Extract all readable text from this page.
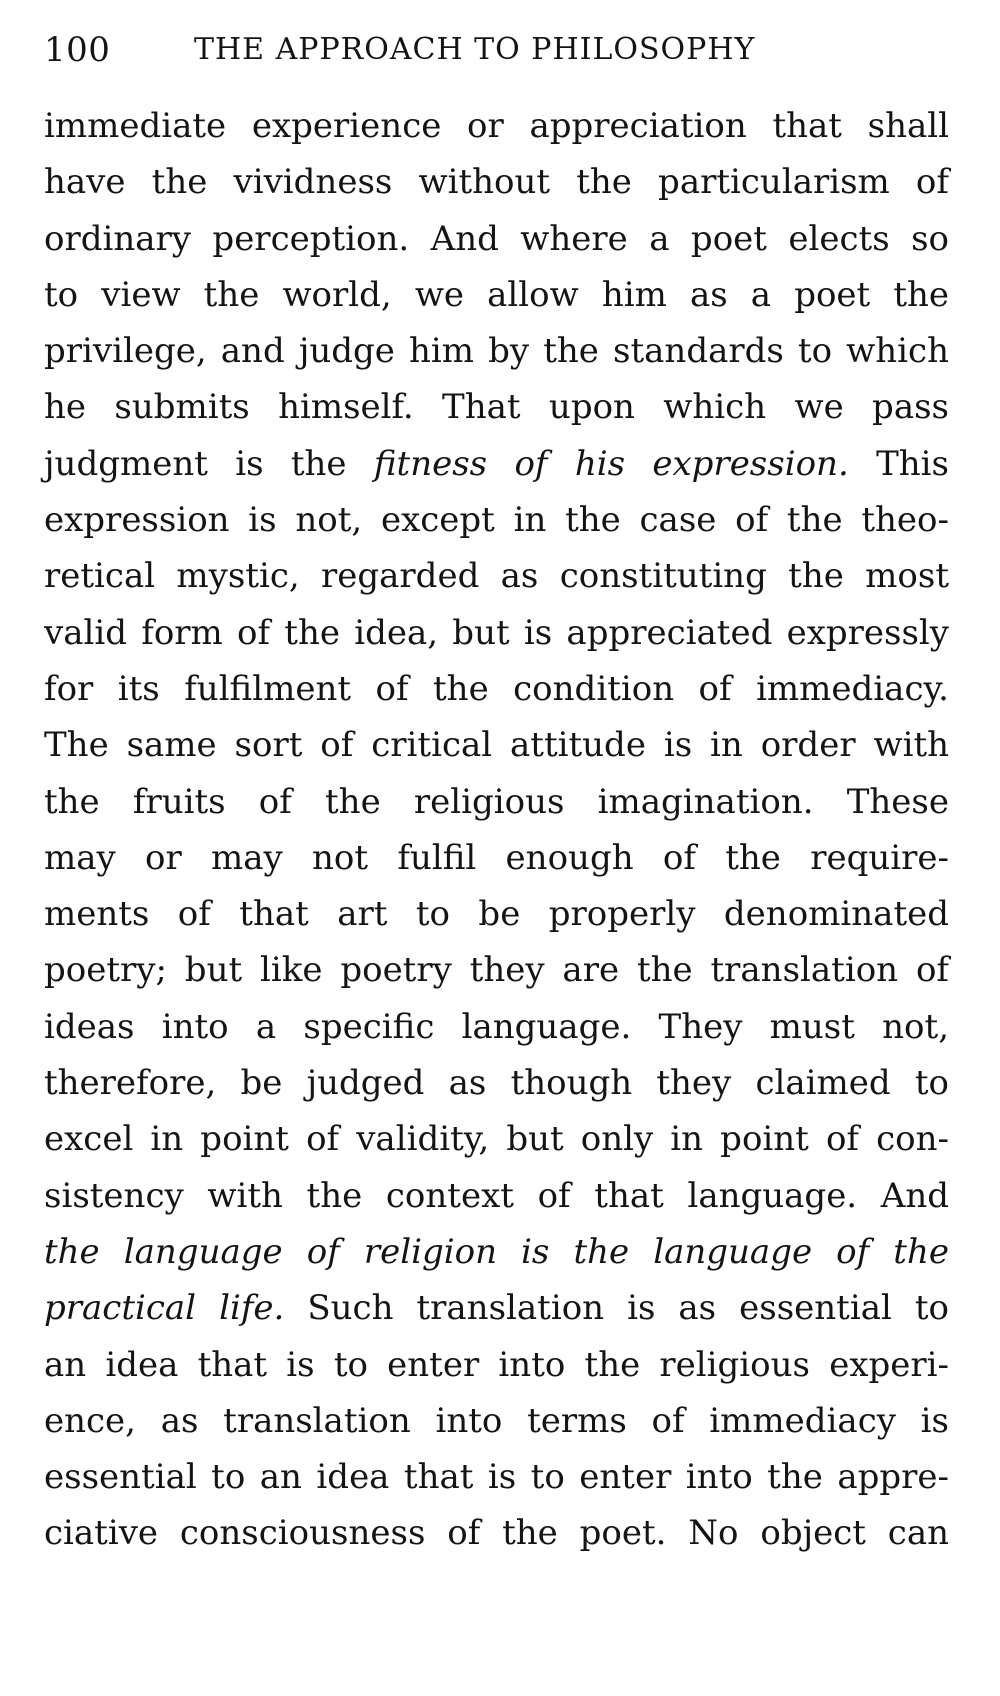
100	THE APPROACH TO PHILOSOPHY
immediate experience or appreciation that shall
have the vividness without the particularism of
ordinary perception. And where a poet elects so
to view the world, we allow him as a poet the
privilege, and judge him by the standards to which
he submits himself. That upon which we pass
judgment is the fitness of his expression. This
expression is not, except in the case of the theo-
retical mystic, regarded as constituting the most
valid form of the idea, but is appreciated expressly
for its fulfilment of the condition of immediacy.
The same sort of critical attitude is in order with
the fruits of the religious imagination. These
may or may not fulfil enough of the require-
ments of that art to be properly denominated
poetry; but like poetry they are the translation of
ideas into a specific language. They must not,
therefore, be judged as though they claimed to
excel in point of validity, but only in point of con-
sistency with the context of that language. And
the language of religion is the language of the
practical life. Such translation is as essential to
an idea that is to enter into the religious experi-
ence, as translation into terms of immediacy is
essential to an idea that is to enter into the appre-
ciative consciousness of the poet. No object can
